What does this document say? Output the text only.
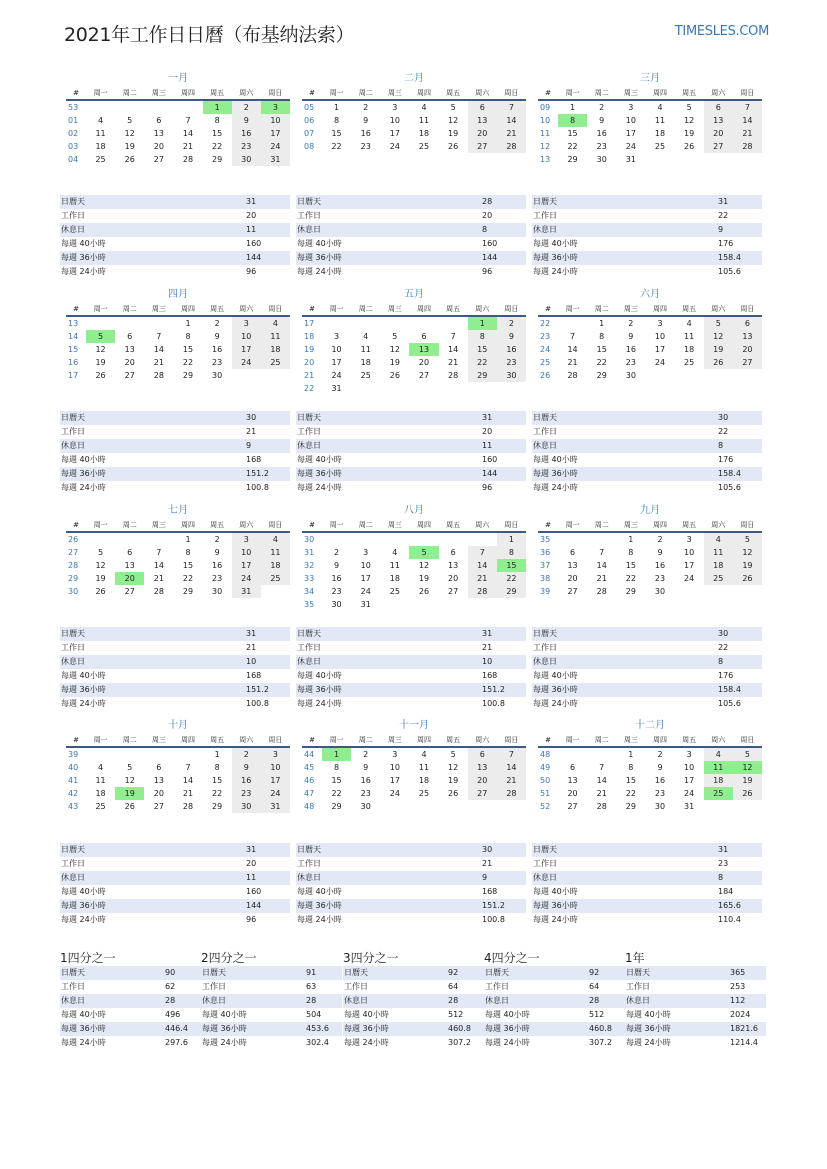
2021年工作日日曆（布基纳法索）	TIMESLES.COM
一月
#	周一	周二	周三	周四	周五	周六	周日
53					1	2	3
01	4	5	6	7	8	9	10
02	11	12	13	14	15	16	17
03	18	19	20	21	22	23	24
04	25	26	27	28	29	30	31
日曆天	31
工作日	20
休息日	11
每週 40小時	160
每週 36小時	144
每週 24小時	96
二月
#	周一	周二	周三	周四	周五	周六	周日
05	1	2	3	4	5	6	7
06	8	9	10	11	12	13	14
07	15	16	17	18	19	20	21
08	22	23	24	25	26	27	28
日曆天	28
工作日	20
休息日	8
每週 40小時	160
每週 36小時	144
每週 24小時	96
三月
#	周一	周二	周三	周四	周五	周六	周日
09	1	2	3	4	5	6	7
10	8	9	10	11	12	13	14
11	15	16	17	18	19	20	21
12	22	23	24	25	26	27	28
13	29	30	31				
日曆天	31
工作日	22
休息日	9
每週 40小時	176
每週 36小時	158.4
每週 24小時	105.6
四月
#	周一	周二	周三	周四	周五	周六	周日
13				1	2	3	4
14	5	6	7	8	9	10	11
15	12	13	14	15	16	17	18
16	19	20	21	22	23	24	25
17	26	27	28	29	30		
日曆天	30
工作日	21
休息日	9
每週 40小時	168
每週 36小時	151.2
每週 24小時	100.8
五月
#	周一	周二	周三	周四	周五	周六	周日
17						1	2
18	3	4	5	6	7	8	9
19	10	11	12	13	14	15	16
20	17	18	19	20	21	22	23
21	24	25	26	27	28	29	30
22	31						
日曆天	31
工作日	20
休息日	11
每週 40小時	160
每週 36小時	144
每週 24小時	96
六月
#	周一	周二	周三	周四	周五	周六	周日
22		1	2	3	4	5	6
23	7	8	9	10	11	12	13
24	14	15	16	17	18	19	20
25	21	22	23	24	25	26	27
26	28	29	30				
日曆天	30
工作日	22
休息日	8
每週 40小時	176
每週 36小時	158.4
每週 24小時	105.6
七月
#	周一	周二	周三	周四	周五	周六	周日
26				1	2	3	4
27	5	6	7	8	9	10	11
28	12	13	14	15	16	17	18
29	19	20	21	22	23	24	25
30	26	27	28	29	30	31	
日曆天	31
工作日	21
休息日	10
每週 40小時	168
每週 36小時	151.2
每週 24小時	100.8
八月
#	周一	周二	周三	周四	周五	周六	周日
30							1
31	2	3	4	5	6	7	8
32	9	10	11	12	13	14	15
33	16	17	18	19	20	21	22
34	23	24	25	26	27	28	29
35	30	31					
日曆天	31
工作日	21
休息日	10
每週 40小時	168
每週 36小時	151.2
每週 24小時	100.8
九月
#	周一	周二	周三	周四	周五	周六	周日
35			1	2	3	4	5
36	6	7	8	9	10	11	12
37	13	14	15	16	17	18	19
38	20	21	22	23	24	25	26
39	27	28	29	30			
日曆天	30
工作日	22
休息日	8
每週 40小時	176
每週 36小時	158.4
每週 24小時	105.6
十月
#	周一	周二	周三	周四	周五	周六	周日
39					1	2	3
40	4	5	6	7	8	9	10
41	11	12	13	14	15	16	17
42	18	19	20	21	22	23	24
43	25	26	27	28	29	30	31
日曆天	31
工作日	20
休息日	11
每週 40小時	160
每週 36小時	144
每週 24小時	96
十一月
#	周一	周二	周三	周四	周五	周六	周日
44	1	2	3	4	5	6	7
45	8	9	10	11	12	13	14
46	15	16	17	18	19	20	21
47	22	23	24	25	26	27	28
48	29	30					
日曆天	30
工作日	21
休息日	9
每週 40小時	168
每週 36小時	151.2
每週 24小時	100.8
十二月
#	周一	周二	周三	周四	周五	周六	周日
48			1	2	3	4	5
49	6	7	8	9	10	11	12
50	13	14	15	16	17	18	19
51	20	21	22	23	24	25	26
52	27	28	29	30	31		
日曆天	31
工作日	23
休息日	8
每週 40小時	184
每週 36小時	165.6
每週 24小時	110.4
1四分之一
日曆天	90
工作日	62
休息日	28
每週 40小時	496
每週 36小時	446.4
每週 24小時	297.6
2四分之一
日曆天	91
工作日	63
休息日	28
每週 40小時	504
每週 36小時	453.6
每週 24小時	302.4
3四分之一
日曆天	92
工作日	64
休息日	28
每週 40小時	512
每週 36小時	460.8
每週 24小時	307.2
4四分之一
日曆天	92
工作日	64
休息日	28
每週 40小時	512
每週 36小時	460.8
每週 24小時	307.2
1年
日曆天	365
工作日	253
休息日	112
每週 40小時	2024
每週 36小時	1821.6
每週 24小時	1214.4
